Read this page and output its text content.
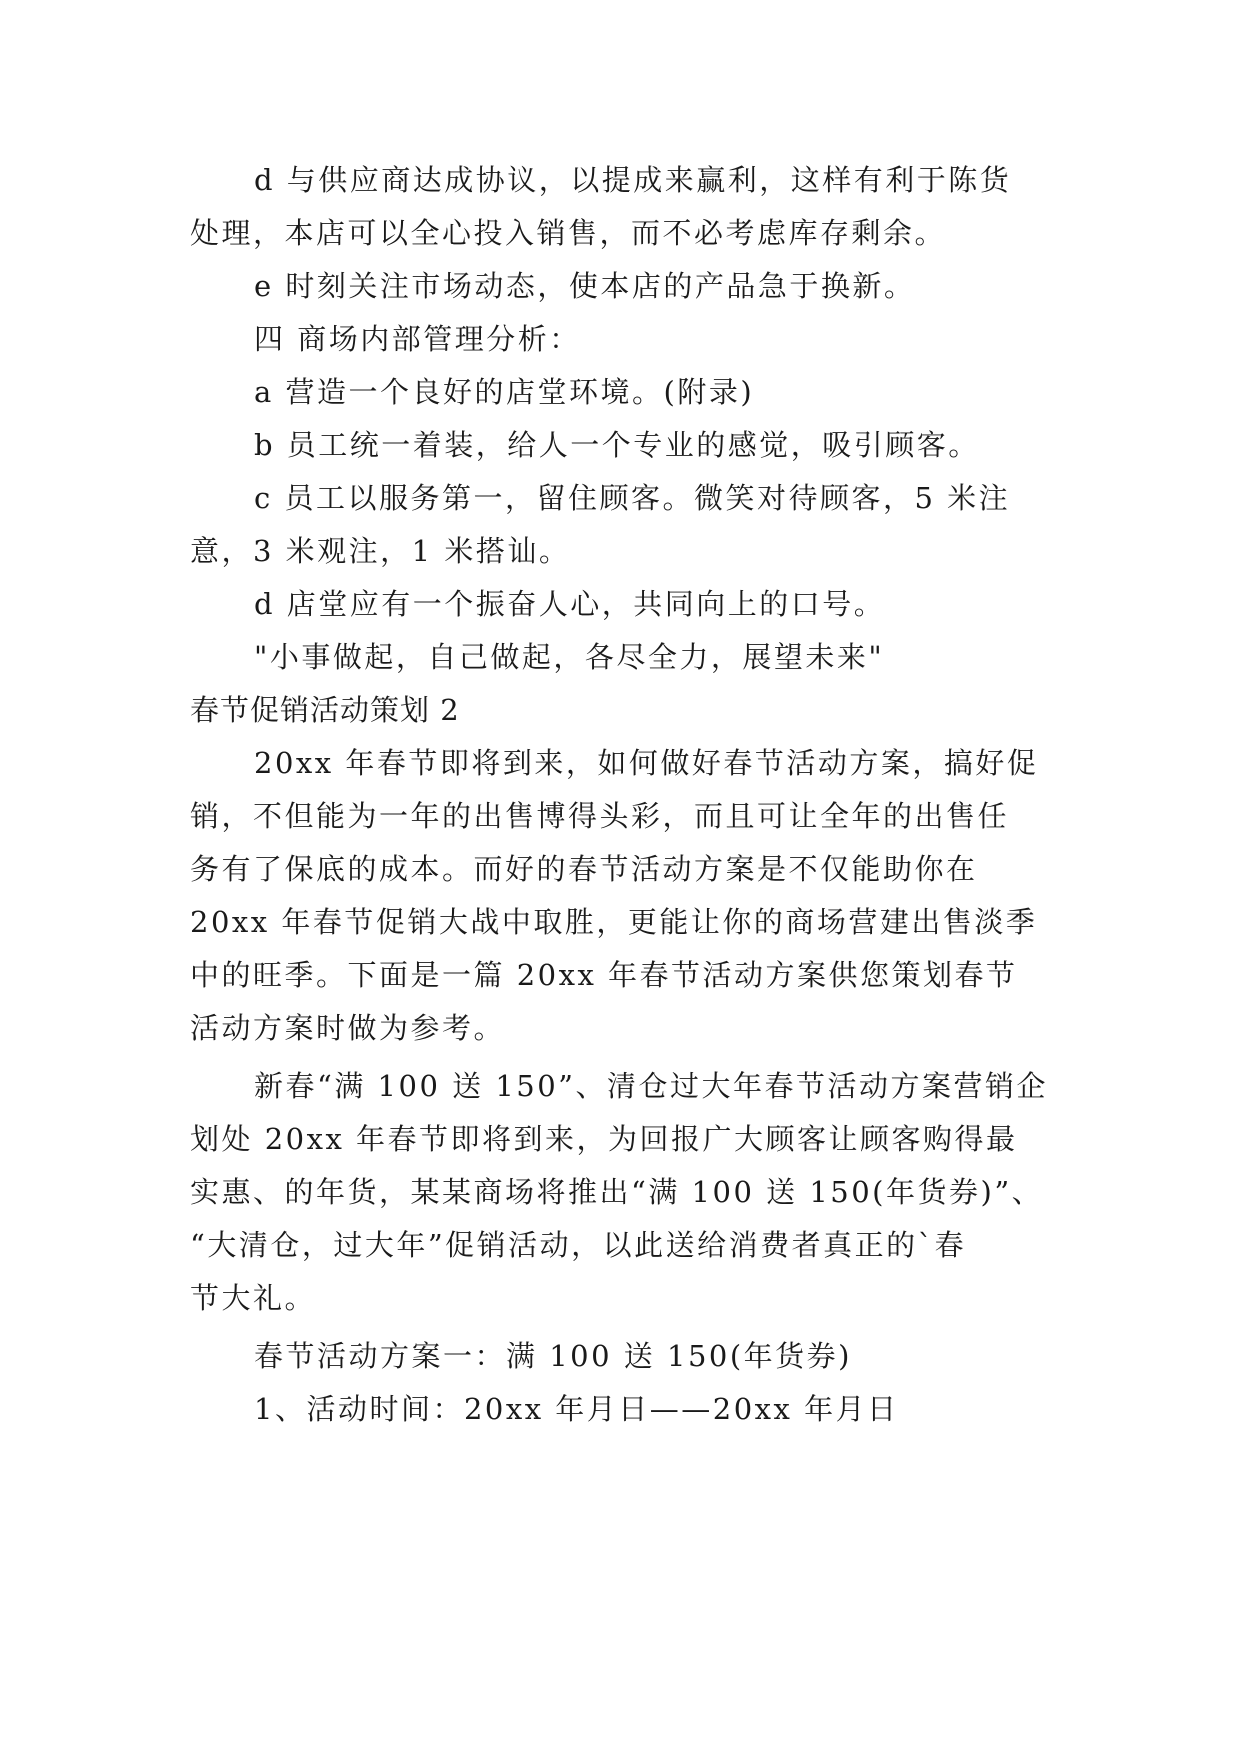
d 与供应商达成协议，以提成来赢利，这样有利于陈货
处理，本店可以全心投入销售，而不必考虑库存剩余。
e 时刻关注市场动态，使本店的产品急于换新。
四 商场内部管理分析：
a 营造一个良好的店堂环境。(附录)
b 员工统一着装，给人一个专业的感觉，吸引顾客。
c 员工以服务第一，留住顾客。微笑对待顾客，5 米注
意，3 米观注，1 米搭讪。
d 店堂应有一个振奋人心，共同向上的口号。
"小事做起，自己做起，各尽全力，展望未来"
春节促销活动策划 2
20xx 年春节即将到来，如何做好春节活动方案，搞好促
销，不但能为一年的出售博得头彩，而且可让全年的出售任
务有了保底的成本。而好的春节活动方案是不仅能助你在
20xx 年春节促销大战中取胜，更能让你的商场营建出售淡季
中的旺季。下面是一篇 20xx 年春节活动方案供您策划春节
活动方案时做为参考。
新春“满 100 送 150”、清仓过大年春节活动方案营销企
划处 20xx 年春节即将到来，为回报广大顾客让顾客购得最
实惠、的年货，某某商场将推出“满 100 送 150(年货券)”、
“大清仓，过大年”促销活动，以此送给消费者真正的`春
节大礼。
春节活动方案一：满 100 送 150(年货券)
1、活动时间：20xx 年月日——20xx 年月日
